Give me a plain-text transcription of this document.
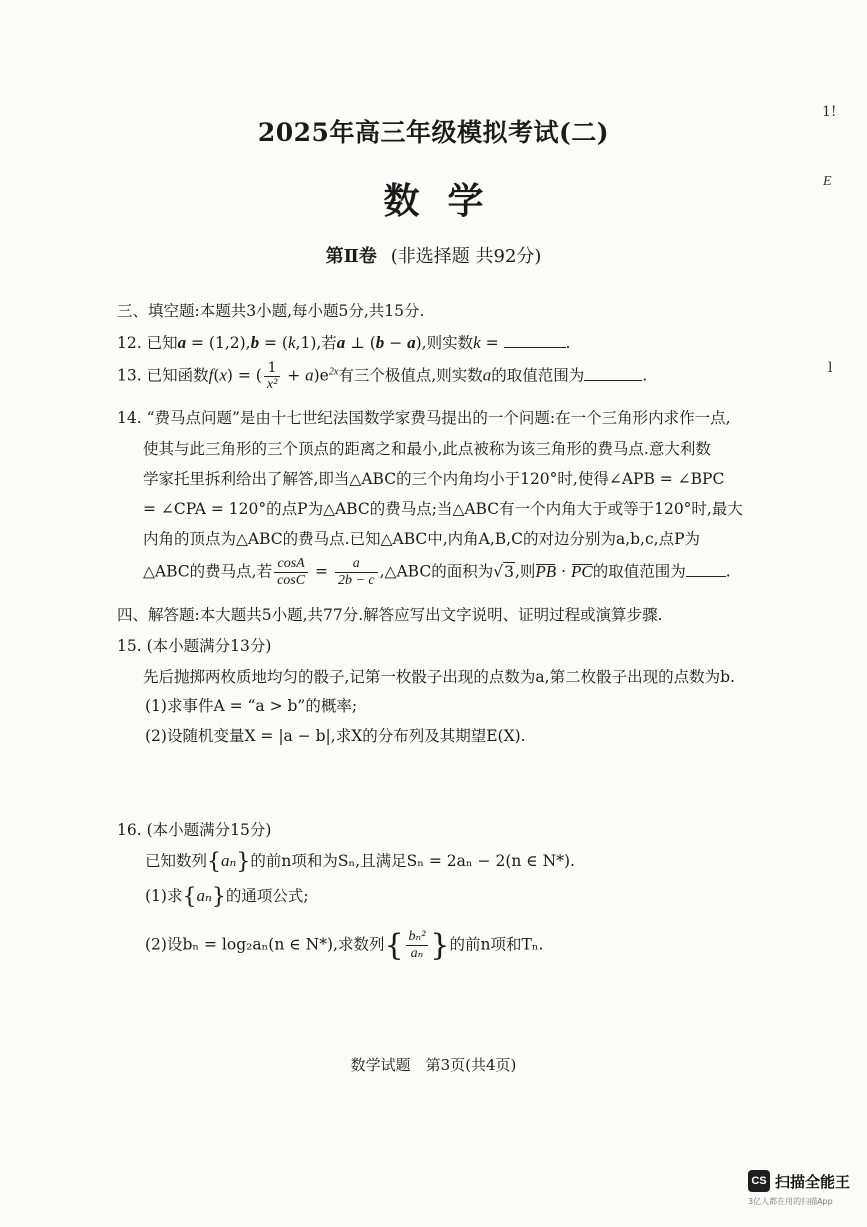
2025年高三年级模拟考试(二)
数学
第Ⅱ卷 (非选择题 共92分)
三、填空题:本题共3小题,每小题5分,共15分.
12. 已知a = (1,2),b = (k,1),若a ⊥ (b − a),则实数k =	.
13. 已知函数f(x) = ( $\frac{1}{\text{x²}} + a)e^{2x}$有三个极值点,则实数a的取值范围为	.
14. “费马点问题”是由十七世纪法国数学家费马提出的一个问题:在一个三角形内求作一点,
使其与此三角形的三个顶点的距离之和最小,此点被称为该三角形的费马点.意大利数
学家托里拆利给出了解答,即当△ABC的三个内角均小于120°时,使得∠APB = ∠BPC
= ∠CPA = 120°的点P为△ABC的费马点;当△ABC有一个内角大于或等于120°时,最大
内角的顶点为△ABC的费马点.已知△ABC中,内角A,B,C的对边分别为a,b,c,点P为
△ABC的费马点,若 $\frac{\cos A}{\cos C} = \frac{a}{2b - c}$ ,△ABC的面积为√3,则PB · PC的取值范围为	.
四、解答题:本大题共5小题,共77分.解答应写出文字说明、证明过程或演算步骤.
15. (本小题满分13分)
先后抛掷两枚质地均匀的骰子,记第一枚骰子出现的点数为a,第二枚骰子出现的点数为b.
(1)求事件A = “a > b”的概率;
(2)设随机变量X = |a − b|,求X的分布列及其期望E(X).
16. (本小题满分15分)
已知数列{aₙ}的前n项和为Sₙ,且满足Sₙ = 2aₙ − 2(n ∈ N*).
(1)求{aₙ}的通项公式;
(2)设bₙ = log₂aₙ(n ∈ N*),求数列{ $\frac{\text{bₙ²}}{\text{aₙ}}$ }的前n项和Tₙ.
数学试题　第3页(共4页)
1!
E
l
CS 扫描全能王
3亿人都在用的扫描App
